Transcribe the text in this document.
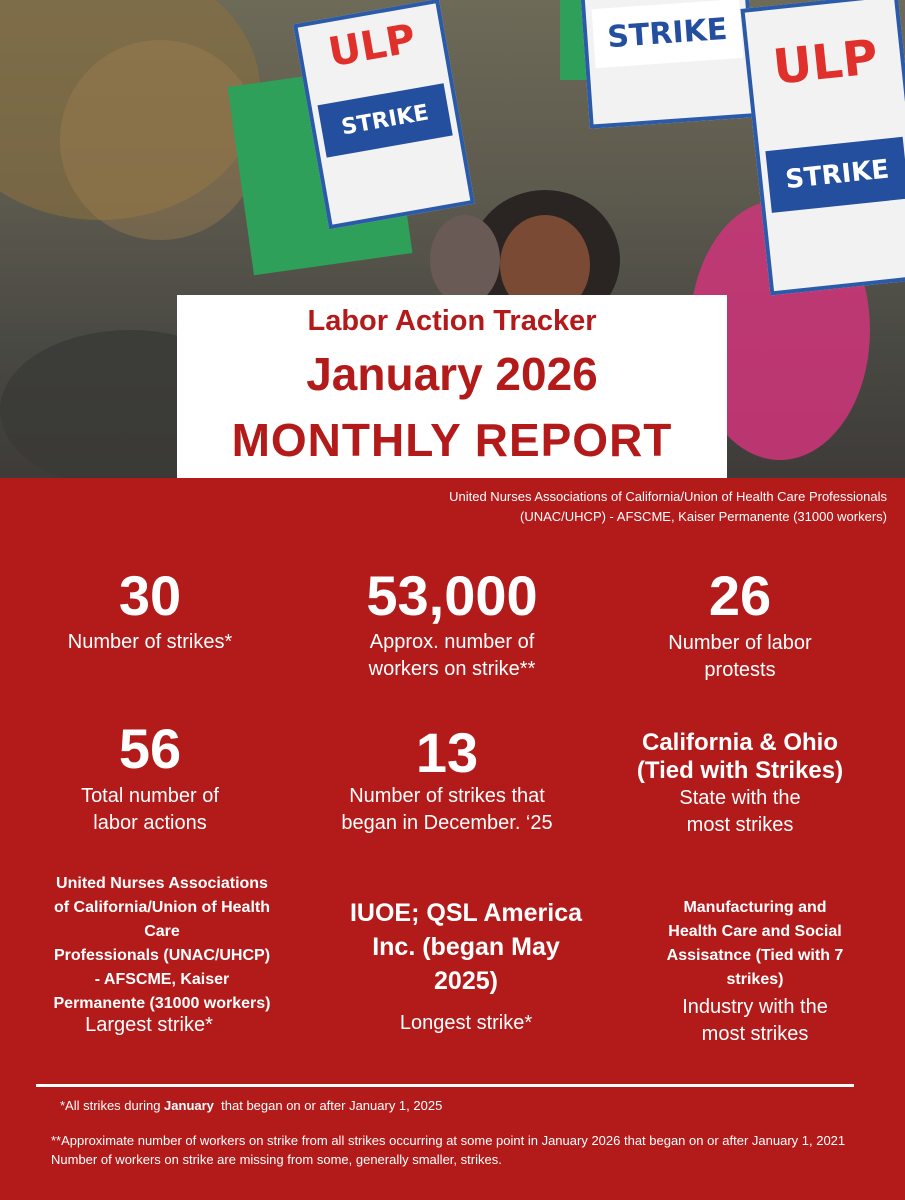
ULP
STRIKE
STRIKE ULP
STRIKE
Labor Action Tracker
January 2026
MONTHLY REPORT
United Nurses Associations of California/Union of Health Care Professionals (UNAC/UHCP) - AFSCME, Kaiser Permanente (31000 workers)
30
Number of strikes*
53,000
Approx. number of
workers on strike**
26
Number of labor
protests
56
Total number of
labor actions
13
Number of strikes that
began in December. ‘25
California & Ohio
(Tied with Strikes)
State with the
most strikes
United Nurses Associations
of California/Union of Health
Care
Professionals (UNAC/UHCP)
- AFSCME, Kaiser
Permanente (31000 workers)
Largest strike*
IUOE; QSL America
Inc. (began May
2025)
Longest strike*
Manufacturing and
Health Care and Social
Assisatnce (Tied with 7
strikes)
Industry with the
most strikes
*All strikes during January  that began on or after January 1, 2025
**Approximate number of workers on strike from all strikes occurring at some point in January 2026 that began on or after January 1, 2021 Number of workers on strike are missing from some, generally smaller, strikes.
